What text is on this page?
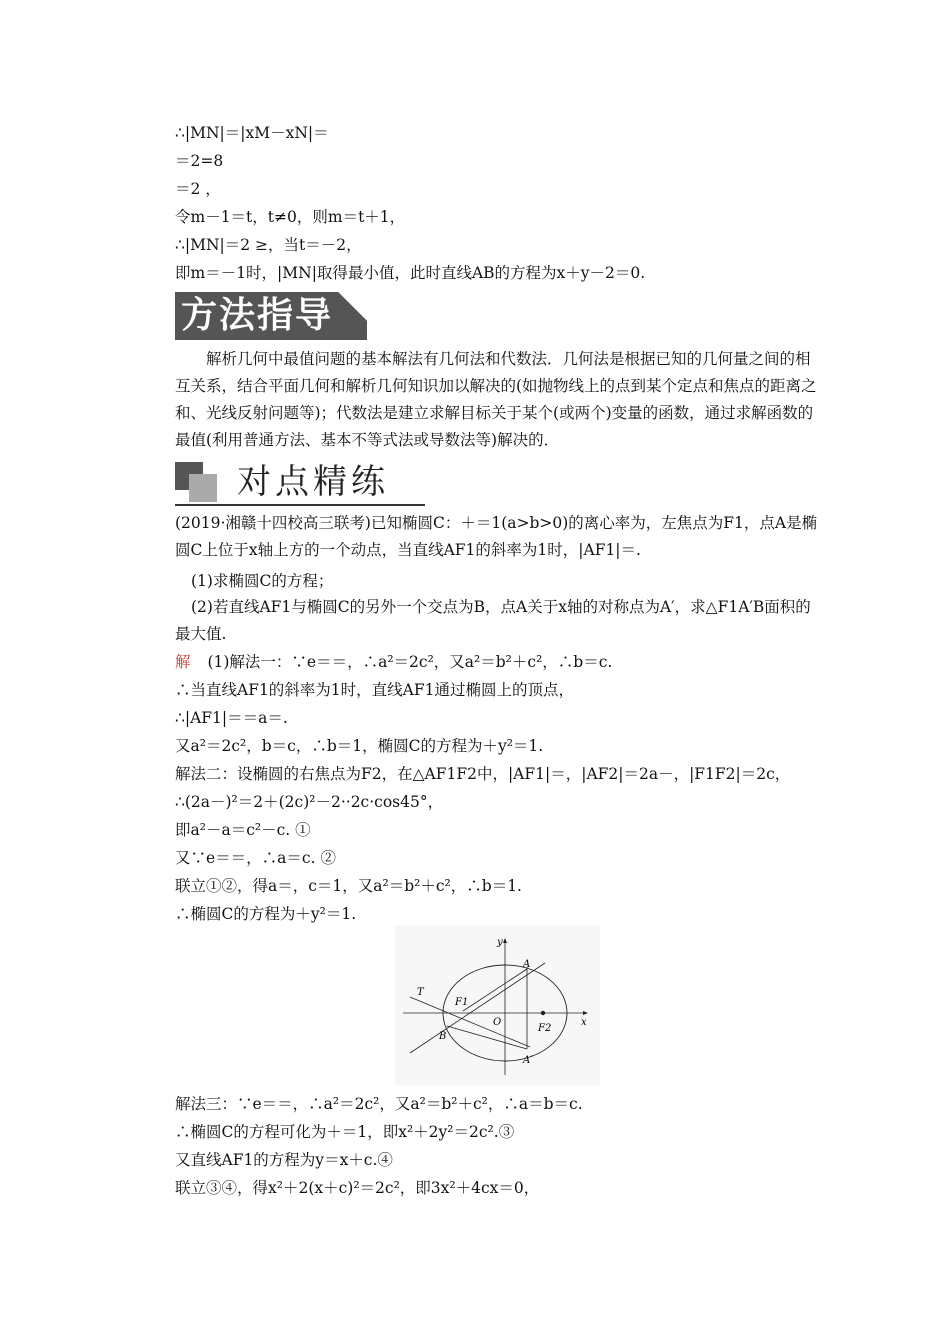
∴|MN|＝|xM－xN|＝
＝2=8
＝2 ，
令m－1＝t，t≠0，则m＝t＋1，
∴|MN|＝2 ≥，当t＝－2，
即m＝－1时，|MN|取得最小值，此时直线AB的方程为x＋y－2＝0.
方法指导
解析几何中最值问题的基本解法有几何法和代数法．几何法是根据已知的几何量之间的相互关系，结合平面几何和解析几何知识加以解决的(如抛物线上的点到某个定点和焦点的距离之和、光线反射问题等)；代数法是建立求解目标关于某个(或两个)变量的函数，通过求解函数的最值(利用普通方法、基本不等式法或导数法等)解决的．
对点精练
(2019·湘赣十四校高三联考)已知椭圆C：＋＝1(a>b>0)的离心率为，左焦点为F1，点A是椭圆C上位于x轴上方的一个动点，当直线AF1的斜率为1时，|AF1|＝.
(1)求椭圆C的方程；
(2)若直线AF1与椭圆C的另外一个交点为B，点A关于x轴的对称点为A′，求△F1A′B面积的最大值.
解 (1)解法一：∵e＝＝，∴a²＝2c²，又a²＝b²＋c²，∴b＝c.
∴当直线AF1的斜率为1时，直线AF1通过椭圆上的顶点，
∴|AF1|＝＝a＝.
又a²＝2c²，b＝c，∴b＝1，椭圆C的方程为＋y²＝1.
解法二：设椭圆的右焦点为F2，在△AF1F2中，|AF1|＝，|AF2|＝2a－，|F1F2|＝2c，
∴(2a－)²＝2＋(2c)²－2··2c·cos45°，
即a²－a＝c²－c. ①
又∵e＝＝，∴a＝c. ②
联立①②，得a＝，c＝1，又a²＝b²＋c²，∴b＝1.
∴椭圆C的方程为＋y²＝1.
y
x
A
T
F1
O
F2
B
A′
解法三：∵e＝＝，∴a²＝2c²，又a²＝b²＋c²，∴a＝b＝c.
∴椭圆C的方程可化为＋＝1，即x²＋2y²＝2c².③
又直线AF1的方程为y＝x＋c.④
联立③④，得x²＋2(x＋c)²＝2c²，即3x²＋4cx＝0，
